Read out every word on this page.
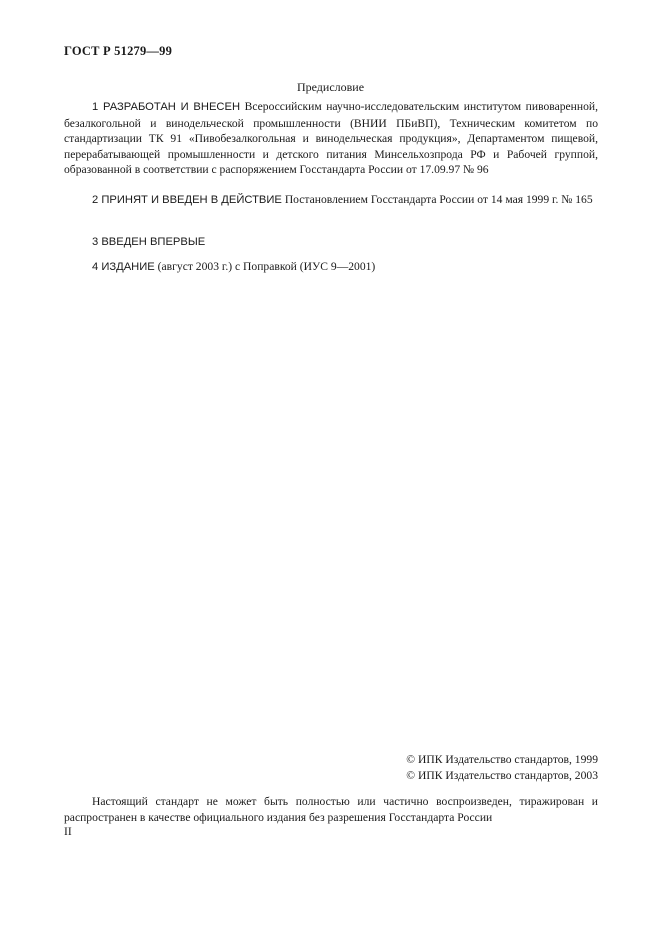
ГОСТ Р 51279—99
Предисловие
1 РАЗРАБОТАН И ВНЕСЕН Всероссийским научно-исследовательским институтом пивоваренной, безалкогольной и винодельческой промышленности (ВНИИ ПБиВП), Техническим комитетом по стандартизации ТК 91 «Пивобезалкогольная и винодельческая продукция», Департаментом пищевой, перерабатывающей промышленности и детского питания Минсельхозпрода РФ и Рабочей группой, образованной в соответствии с распоряжением Госстандарта России от 17.09.97 № 96
2 ПРИНЯТ И ВВЕДЕН В ДЕЙСТВИЕ Постановлением Госстандарта России от 14 мая 1999 г. № 165
3 ВВЕДЕН ВПЕРВЫЕ
4 ИЗДАНИЕ (август 2003 г.) с Поправкой (ИУС 9—2001)
© ИПК Издательство стандартов, 1999
© ИПК Издательство стандартов, 2003
Настоящий стандарт не может быть полностью или частично воспроизведен, тиражирован и распространен в качестве официального издания без разрешения Госстандарта России
II
